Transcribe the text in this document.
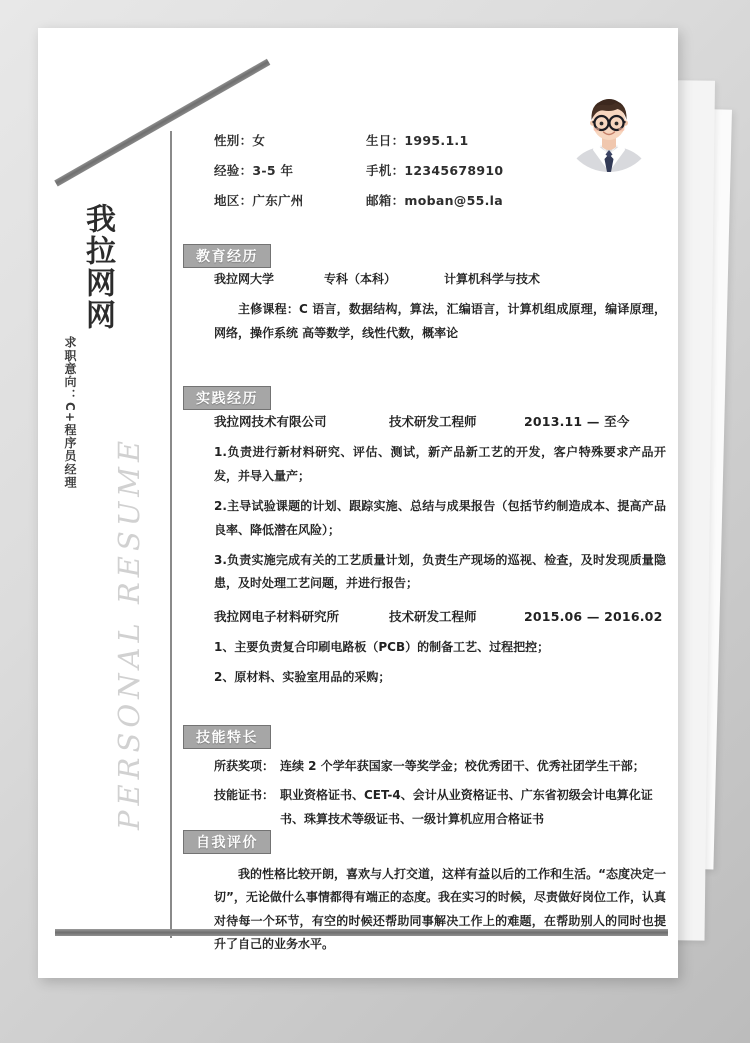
我拉网网
求职意向：C+程序员经理
PERSONAL RESUME
性别：女	生日：1995.1.1
经验：3-5 年	手机：12345678910
地区：广东广州	邮箱：moban@55.la
教育经历
我拉网大学	专科（本科）	计算机科学与技术
主修课程：C 语言，数据结构，算法，汇编语言，计算机组成原理，编译原理，网络，操作系统 高等数学，线性代数，概率论
实践经历
我拉网技术有限公司	技术研发工程师	2013.11 — 至今
1.负责进行新材料研究、评估、测试，新产品新工艺的开发，客户特殊要求产品开发，并导入量产；
2.主导试验课题的计划、跟踪实施、总结与成果报告（包括节约制造成本、提高产品良率、降低潜在风险）；
3.负责实施完成有关的工艺质量计划，负责生产现场的巡视、检查，及时发现质量隐患，及时处理工艺问题，并进行报告；
我拉网电子材料研究所	技术研发工程师	2015.06 — 2016.02
1、主要负责复合印刷电路板（PCB）的制备工艺、过程把控；
2、原材料、实验室用品的采购；
技能特长
所获奖项： 连续 2 个学年获国家一等奖学金；校优秀团干、优秀社团学生干部；
技能证书： 职业资格证书、CET-4、会计从业资格证书、广东省初级会计电算化证书、珠算技术等级证书、一级计算机应用合格证书
自我评价
我的性格比较开朗，喜欢与人打交道，这样有益以后的工作和生活。“态度决定一切”，无论做什么事情都得有端正的态度。我在实习的时候，尽责做好岗位工作，认真对待每一个环节，有空的时候还帮助同事解决工作上的难题，在帮助别人的同时也提升了自己的业务水平。
